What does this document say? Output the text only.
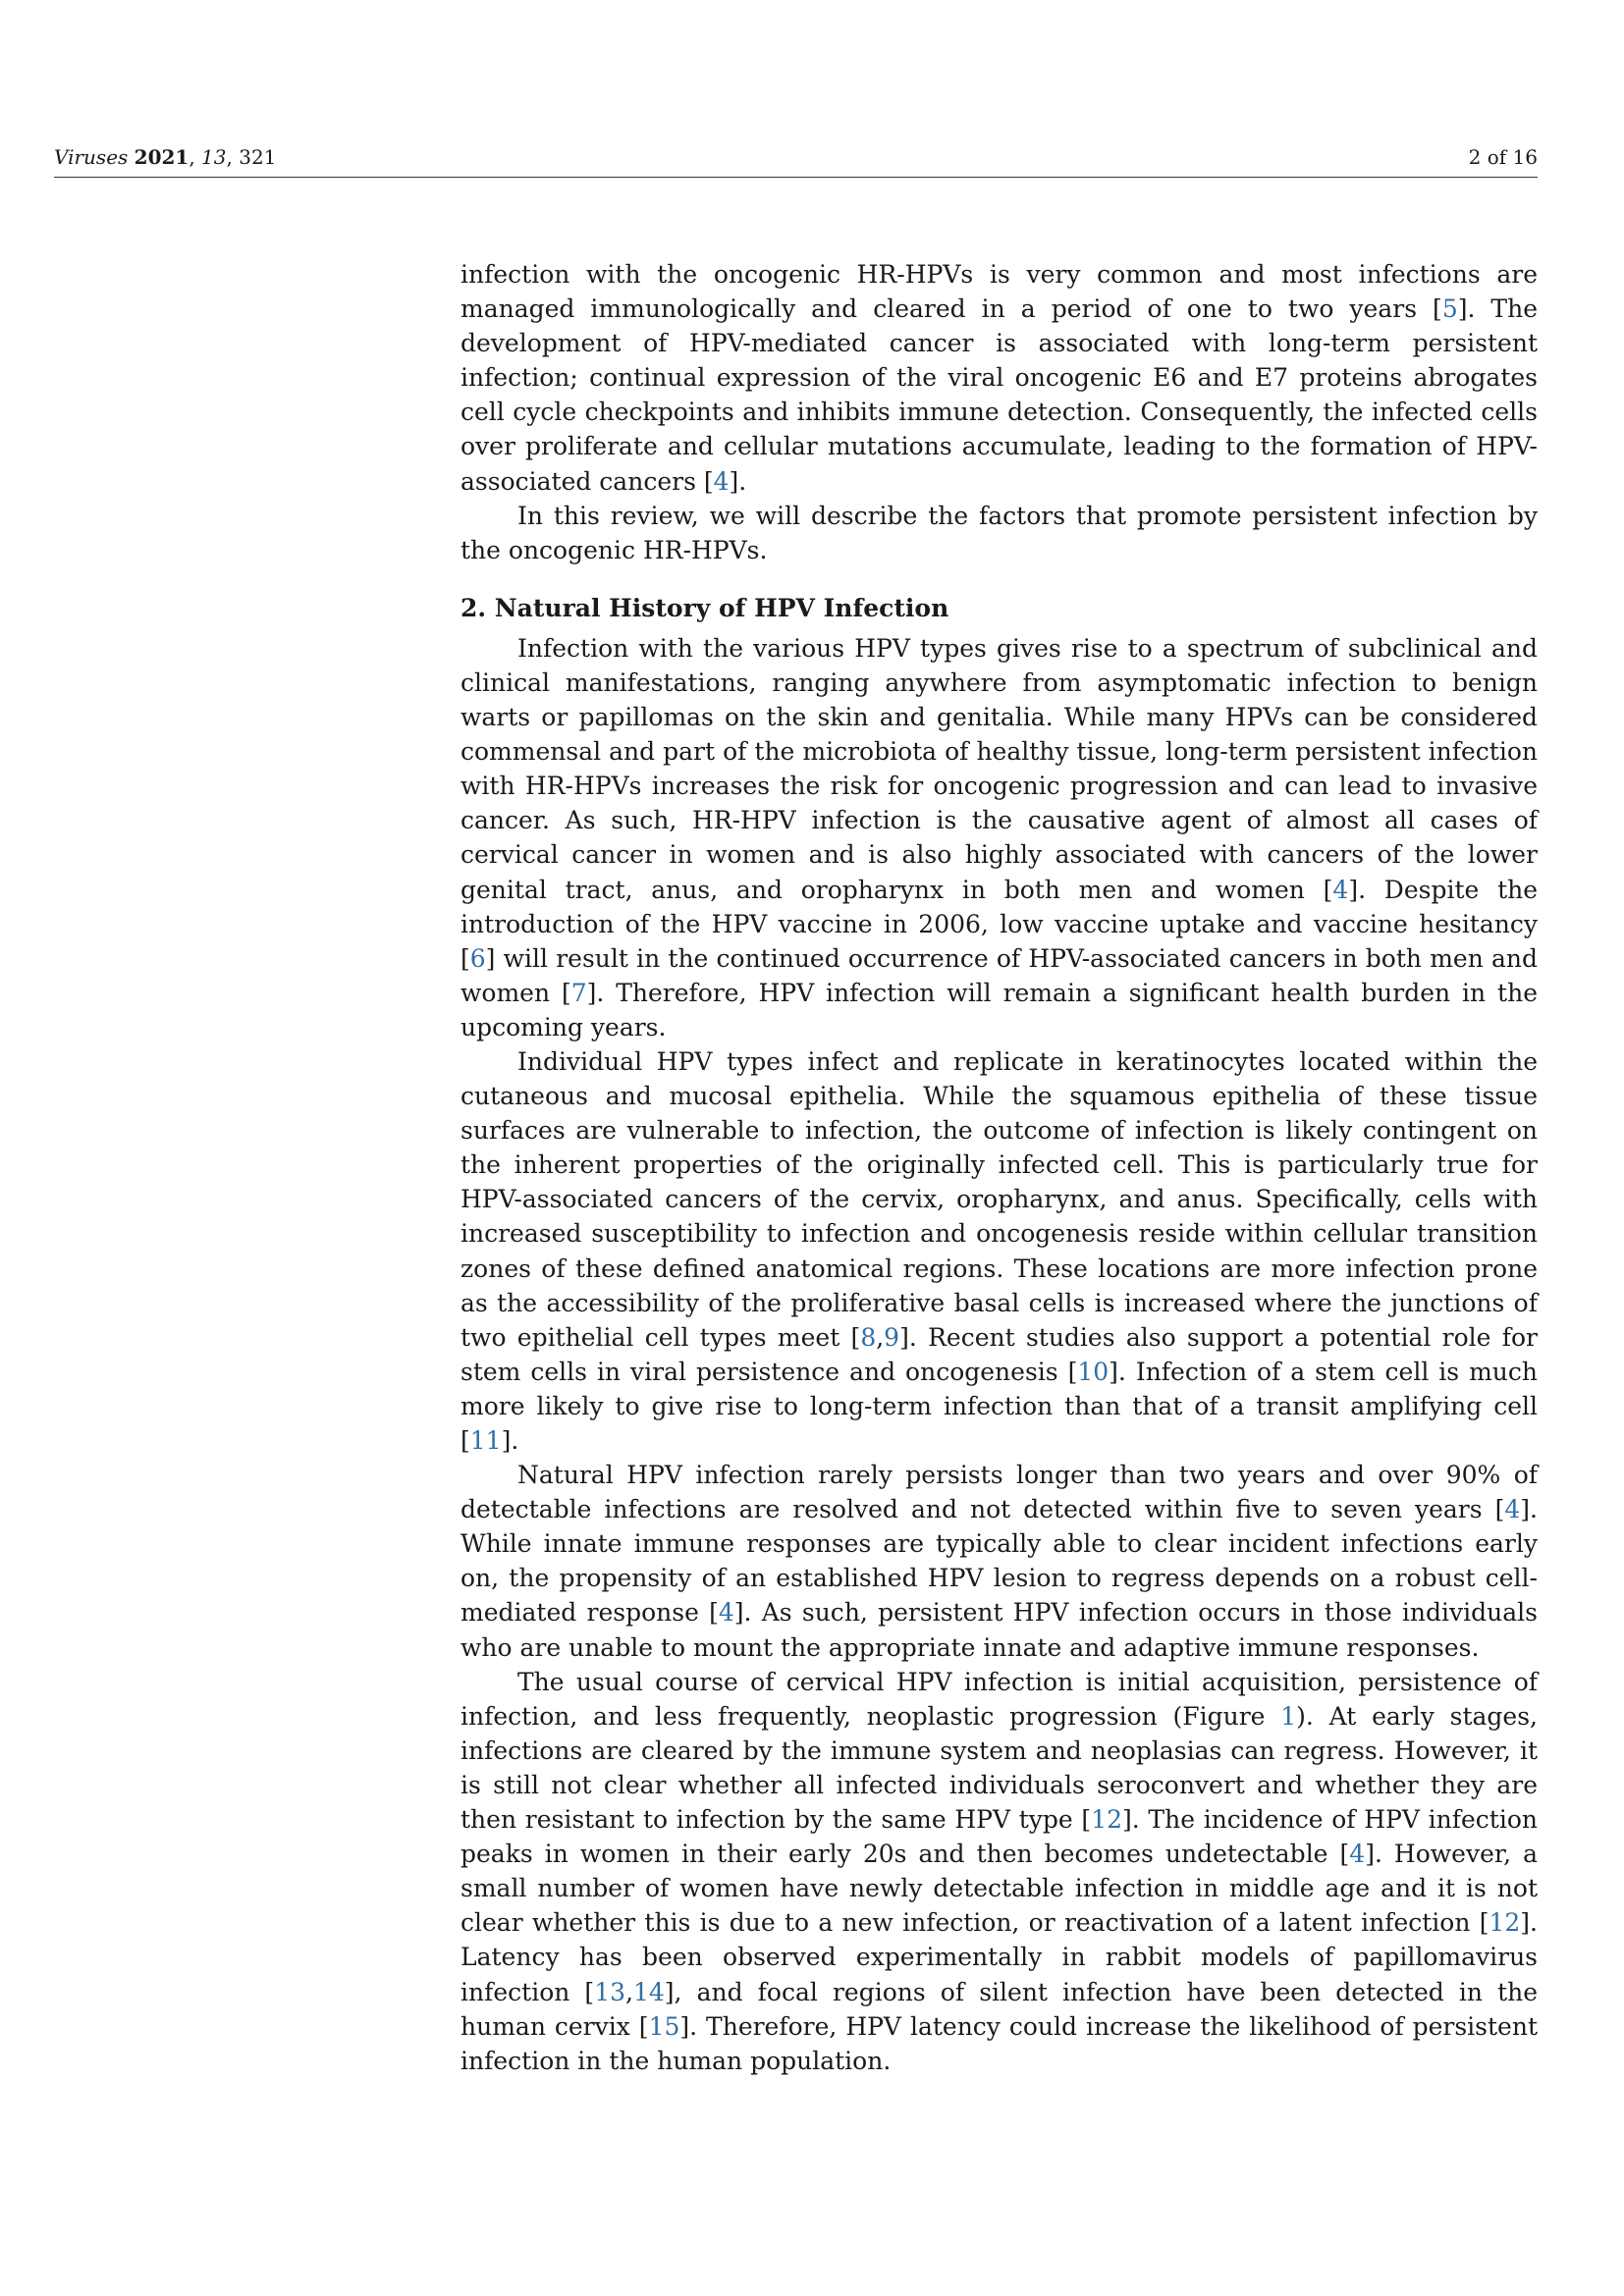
Viruses 2021, 13, 321	2 of 16

infection with the oncogenic HR-HPVs is very common and most infections are managed immunologically and cleared in a period of one to two years [5]. The development of HPV-mediated cancer is associated with long-term persistent infection; continual expression of the viral oncogenic E6 and E7 proteins abrogates cell cycle checkpoints and inhibits immune detection. Consequently, the infected cells over proliferate and cellular mutations accumulate, leading to the formation of HPV-associated cancers [4].

In this review, we will describe the factors that promote persistent infection by the oncogenic HR-HPVs.

2. Natural History of HPV Infection

Infection with the various HPV types gives rise to a spectrum of subclinical and clinical manifestations, ranging anywhere from asymptomatic infection to benign warts or papillomas on the skin and genitalia. While many HPVs can be considered commensal and part of the microbiota of healthy tissue, long-term persistent infection with HR-HPVs increases the risk for oncogenic progression and can lead to invasive cancer. As such, HR-HPV infection is the causative agent of almost all cases of cervical cancer in women and is also highly associated with cancers of the lower genital tract, anus, and oropharynx in both men and women [4]. Despite the introduction of the HPV vaccine in 2006, low vaccine uptake and vaccine hesitancy [6] will result in the continued occurrence of HPV-associated cancers in both men and women [7]. Therefore, HPV infection will remain a significant health burden in the upcoming years.

Individual HPV types infect and replicate in keratinocytes located within the cutaneous and mucosal epithelia. While the squamous epithelia of these tissue surfaces are vulnerable to infection, the outcome of infection is likely contingent on the inherent properties of the originally infected cell. This is particularly true for HPV-associated cancers of the cervix, oropharynx, and anus. Specifically, cells with increased susceptibility to infection and oncogenesis reside within cellular transition zones of these defined anatomical regions. These locations are more infection prone as the accessibility of the proliferative basal cells is increased where the junctions of two epithelial cell types meet [8,9]. Recent studies also support a potential role for stem cells in viral persistence and oncogenesis [10]. Infection of a stem cell is much more likely to give rise to long-term infection than that of a transit amplifying cell [11].

Natural HPV infection rarely persists longer than two years and over 90% of detectable infections are resolved and not detected within five to seven years [4]. While innate immune responses are typically able to clear incident infections early on, the propensity of an established HPV lesion to regress depends on a robust cell-mediated response [4]. As such, persistent HPV infection occurs in those individuals who are unable to mount the appropriate innate and adaptive immune responses.

The usual course of cervical HPV infection is initial acquisition, persistence of infection, and less frequently, neoplastic progression (Figure 1). At early stages, infections are cleared by the immune system and neoplasias can regress. However, it is still not clear whether all infected individuals seroconvert and whether they are then resistant to infection by the same HPV type [12]. The incidence of HPV infection peaks in women in their early 20s and then becomes undetectable [4]. However, a small number of women have newly detectable infection in middle age and it is not clear whether this is due to a new infection, or reactivation of a latent infection [12]. Latency has been observed experimentally in rabbit models of papillomavirus infection [13,14], and focal regions of silent infection have been detected in the human cervix [15]. Therefore, HPV latency could increase the likelihood of persistent infection in the human population.
